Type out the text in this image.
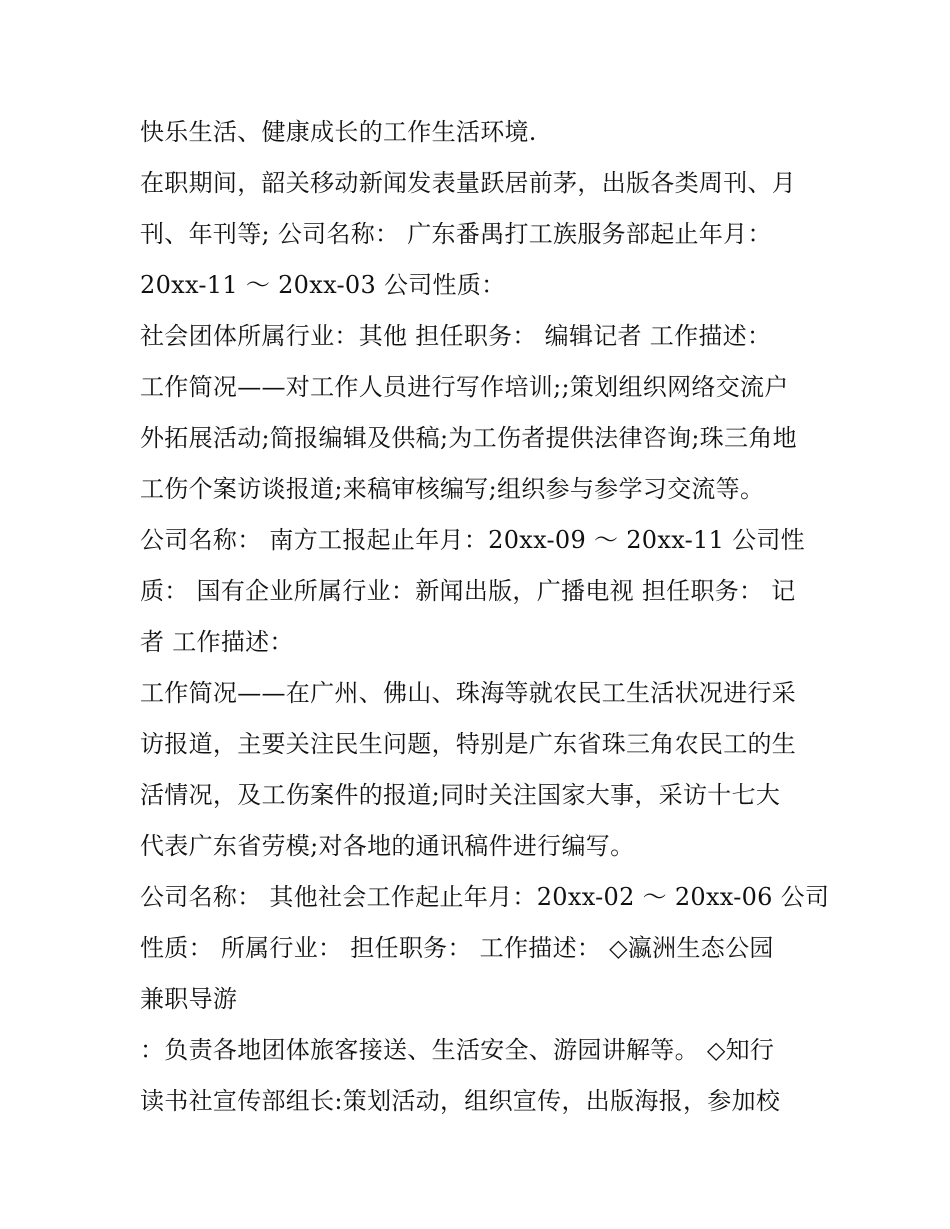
快乐生活、健康成长的工作生活环境.
在职期间，韶关移动新闻发表量跃居前茅，出版各类周刊、月
刊、年刊等; 公司名称： 广东番禺打工族服务部起止年月：
20xx-11 ～ 20xx-03 公司性质：
社会团体所属行业：其他 担任职务： 编辑记者 工作描述：
工作简况——对工作人员进行写作培训;;策划组织网络交流户
外拓展活动;简报编辑及供稿;为工伤者提供法律咨询;珠三角地
工伤个案访谈报道;来稿审核编写;组织参与参学习交流等。
公司名称： 南方工报起止年月：20xx-09 ～ 20xx-11 公司性
质： 国有企业所属行业：新闻出版，广播电视 担任职务： 记
者 工作描述：
工作简况——在广州、佛山、珠海等就农民工生活状况进行采
访报道，主要关注民生问题，特别是广东省珠三角农民工的生
活情况，及工伤案件的报道;同时关注国家大事，采访十七大
代表广东省劳模;对各地的通讯稿件进行编写。
公司名称： 其他社会工作起止年月：20xx-02 ～ 20xx-06 公司
性质： 所属行业： 担任职务： 工作描述： ◇瀛洲生态公园
兼职导游
：负责各地团体旅客接送、生活安全、游园讲解等。 ◇知行
读书社宣传部组长:策划活动，组织宣传，出版海报，参加校
